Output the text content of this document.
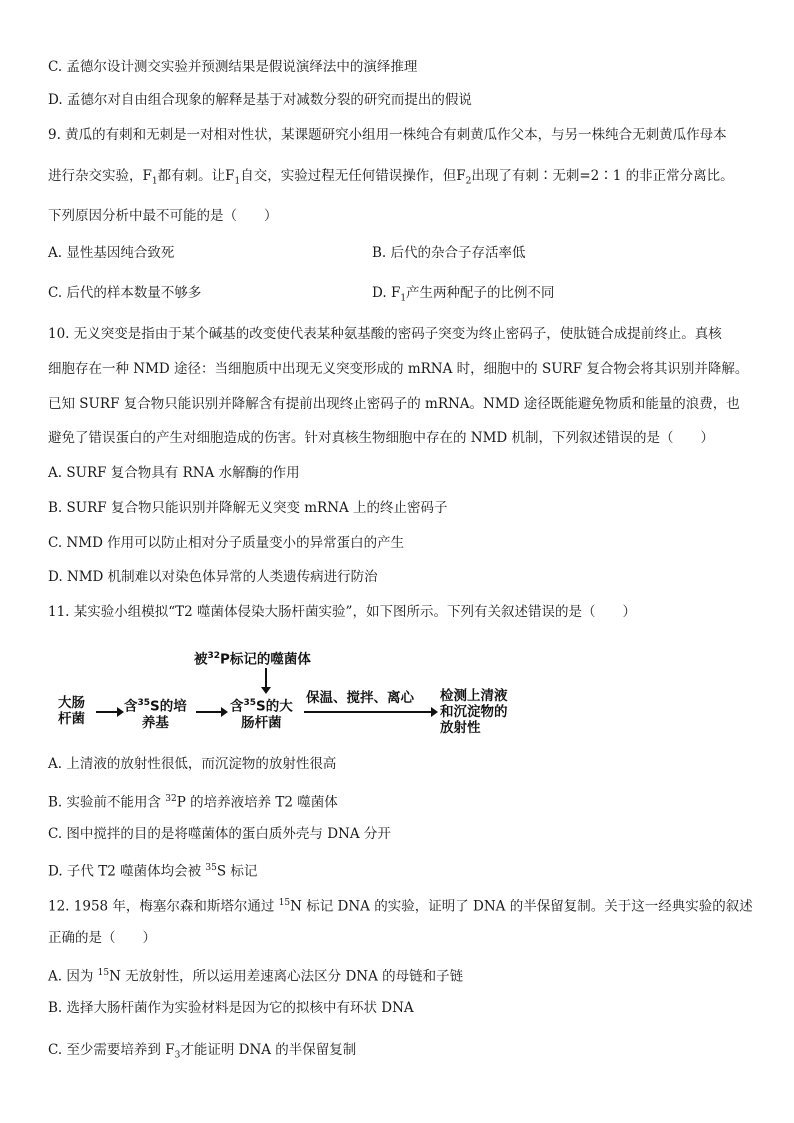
C. 孟德尔设计测交实验并预测结果是假说演绎法中的演绎推理
D. 孟德尔对自由组合现象的解释是基于对减数分裂的研究而提出的假说
9. 黄瓜的有刺和无刺是一对相对性状，某课题研究小组用一株纯合有刺黄瓜作父本，与另一株纯合无刺黄瓜作母本
进行杂交实验，$F_1$都有刺。让$F_1$自交，实验过程无任何错误操作，但$F_2$出现了有刺∶无刺=2∶1 的非正常分离比。
下列原因分析中最不可能的是（　　）
A. 显性基因纯合致死	B. 后代的杂合子存活率低
C. 后代的样本数量不够多	D. $F_1$产生两种配子的比例不同
10. 无义突变是指由于某个碱基的改变使代表某种氨基酸的密码子突变为终止密码子，使肽链合成提前终止。真核
细胞存在一种 NMD 途径：当细胞质中出现无义突变形成的 mRNA 时，细胞中的 SURF 复合物会将其识别并降解。
已知 SURF 复合物只能识别并降解含有提前出现终止密码子的 mRNA。NMD 途径既能避免物质和能量的浪费，也
避免了错误蛋白的产生对细胞造成的伤害。针对真核生物细胞中存在的 NMD 机制，下列叙述错误的是（　　）
A. SURF 复合物具有 RNA 水解酶的作用
B. SURF 复合物只能识别并降解无义突变 mRNA 上的终止密码子
C. NMD 作用可以防止相对分子质量变小的异常蛋白的产生
D. NMD 机制难以对染色体异常的人类遗传病进行防治
11. 某实验小组模拟“T2 噬菌体侵染大肠杆菌实验”，如下图所示。下列有关叙述错误的是（　　）
被$^{32}$P标记的噬菌体
大肠
杆菌
含$^{35}$S的培
养基
含$^{35}$S的大
肠杆菌
保温、搅拌、离心 检测上清液
和沉淀物的
放射性
A. 上清液的放射性很低，而沉淀物的放射性很高
B. 实验前不能用含 $^{32}$P 的培养液培养 T2 噬菌体
C. 图中搅拌的目的是将噬菌体的蛋白质外壳与 DNA 分开
D. 子代 T2 噬菌体均会被 $^{35}$S 标记
12. 1958 年，梅塞尔森和斯塔尔通过 $^{15}$N 标记 DNA 的实验，证明了 DNA 的半保留复制。关于这一经典实验的叙述
正确的是（　　）
A. 因为 $^{15}$N 无放射性，所以运用差速离心法区分 DNA 的母链和子链
B. 选择大肠杆菌作为实验材料是因为它的拟核中有环状 DNA
C. 至少需要培养到 $F_3$才能证明 DNA 的半保留复制
